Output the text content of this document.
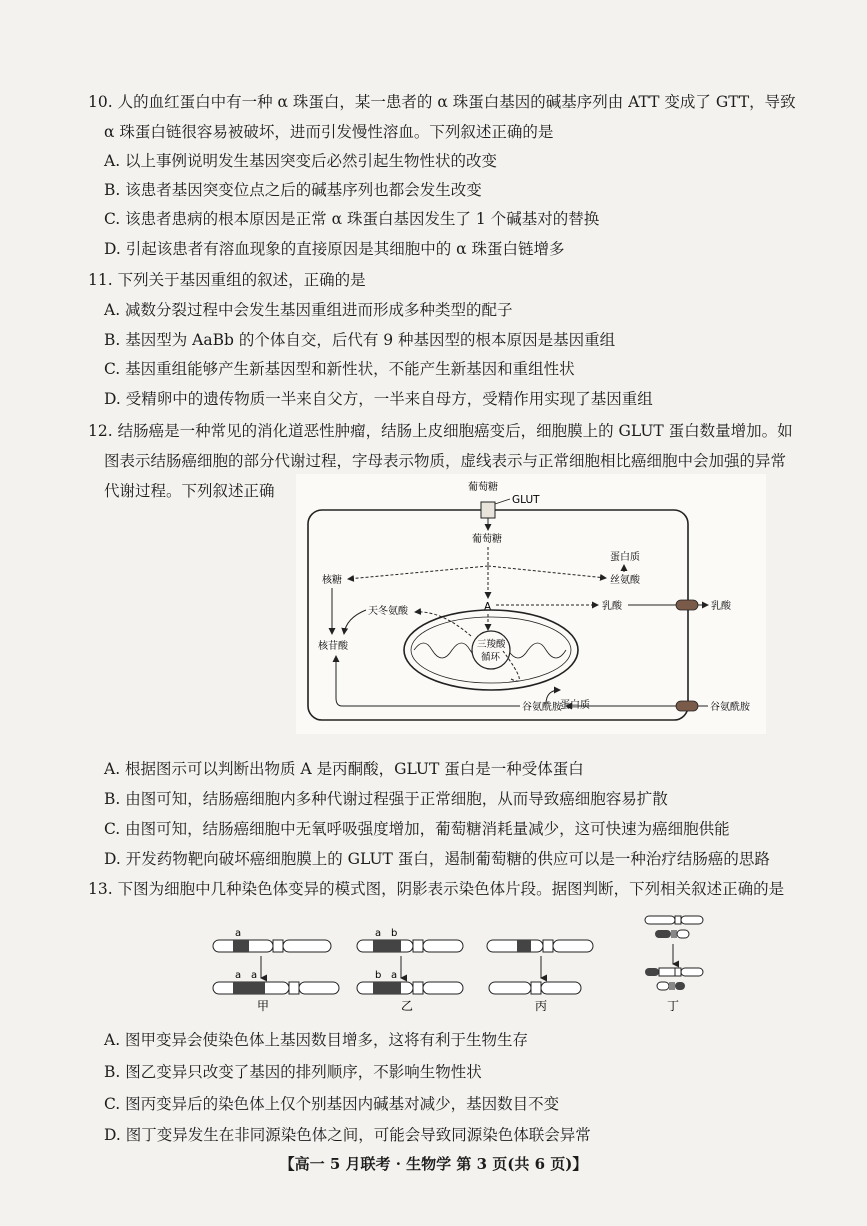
10. 人的血红蛋白中有一种 α 珠蛋白，某一患者的 α 珠蛋白基因的碱基序列由 ATT 变成了 GTT，导致

α 珠蛋白链很容易被破坏，进而引发慢性溶血。下列叙述正确的是

A. 以上事例说明发生基因突变后必然引起生物性状的改变

B. 该患者基因突变位点之后的碱基序列也都会发生改变

C. 该患者患病的根本原因是正常 α 珠蛋白基因发生了 1 个碱基对的替换

D. 引起该患者有溶血现象的直接原因是其细胞中的 α 珠蛋白链增多

11. 下列关于基因重组的叙述，正确的是

A. 减数分裂过程中会发生基因重组进而形成多种类型的配子

B. 基因型为 AaBb 的个体自交，后代有 9 种基因型的根本原因是基因重组

C. 基因重组能够产生新基因型和新性状，不能产生新基因和重组性状

D. 受精卵中的遗传物质一半来自父方，一半来自母方，受精作用实现了基因重组

12. 结肠癌是一种常见的消化道恶性肿瘤，结肠上皮细胞癌变后，细胞膜上的 GLUT 蛋白数量增加。如

图表示结肠癌细胞的部分代谢过程，字母表示物质，虚线表示与正常细胞相比癌细胞中会加强的异常

代谢过程。下列叙述正确	葡萄糖
GLUT
葡萄糖
核糖	丝氨酸
蛋白质
核苷酸
A	乳酸	乳酸
三羧酸
循环
天冬氨酸
蛋白质
谷氨酰胺	谷氨酰胺

A. 根据图示可以判断出物质 A 是丙酮酸，GLUT 蛋白是一种受体蛋白

B. 由图可知，结肠癌细胞内多种代谢过程强于正常细胞，从而导致癌细胞容易扩散

C. 由图可知，结肠癌细胞中无氧呼吸强度增加，葡萄糖消耗量减少，这可快速为癌细胞供能

D. 开发药物靶向破坏癌细胞膜上的 GLUT 蛋白，遏制葡萄糖的供应可以是一种治疗结肠癌的思路

13. 下图为细胞中几种染色体变异的模式图，阴影表示染色体片段。据图判断，下列相关叙述正确的是

a
a a
甲
a b
b a
乙	丙	丁

A. 图甲变异会使染色体上基因数目增多，这将有利于生物生存

B. 图乙变异只改变了基因的排列顺序，不影响生物性状

C. 图丙变异后的染色体上仅个别基因内碱基对减少，基因数目不变

D. 图丁变异发生在非同源染色体之间，可能会导致同源染色体联会异常

【高一 5 月联考 · 生物学 第 3 页(共 6 页)】
